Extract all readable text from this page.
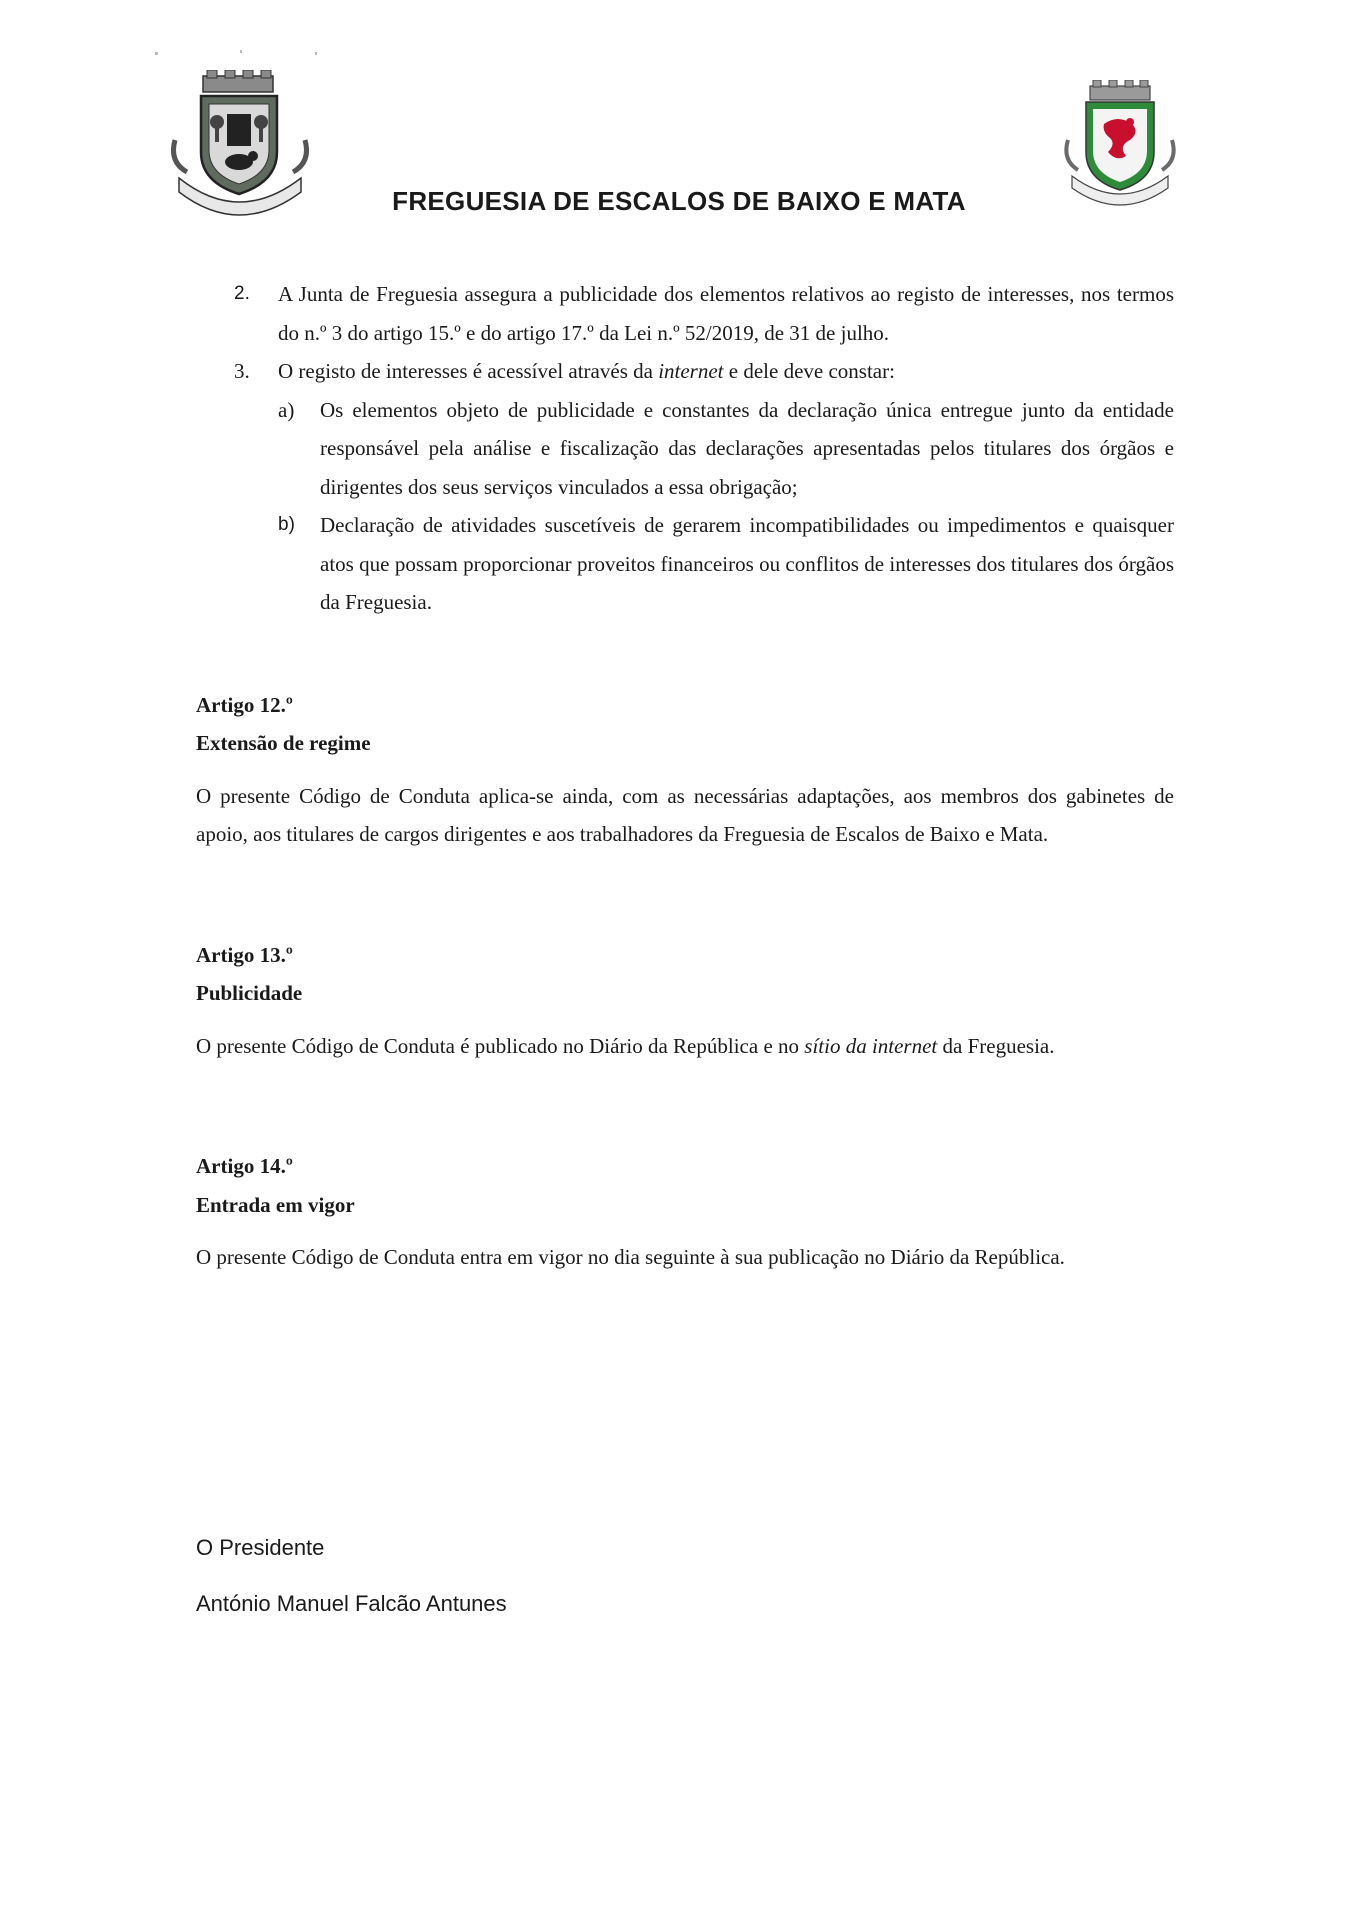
FREGUESIA DE ESCALOS DE BAIXO E MATA
2. A Junta de Freguesia assegura a publicidade dos elementos relativos ao registo de interesses, nos termos do n.º 3 do artigo 15.º e do artigo 17.º da Lei n.º 52/2019, de 31 de julho.
3. O registo de interesses é acessível através da internet e dele deve constar:
a) Os elementos objeto de publicidade e constantes da declaração única entregue junto da entidade responsável pela análise e fiscalização das declarações apresentadas pelos titulares dos órgãos e dirigentes dos seus serviços vinculados a essa obrigação;
b) Declaração de atividades suscetíveis de gerarem incompatibilidades ou impedimentos e quaisquer atos que possam proporcionar proveitos financeiros ou conflitos de interesses dos titulares dos órgãos da Freguesia.

Artigo 12.º

Extensão de regime

O presente Código de Conduta aplica-se ainda, com as necessárias adaptações, aos membros dos gabinetes de apoio, aos titulares de cargos dirigentes e aos trabalhadores da Freguesia de Escalos de Baixo e Mata.

Artigo 13.º

Publicidade

O presente Código de Conduta é publicado no Diário da República e no sítio da internet da Freguesia.

Artigo 14.º

Entrada em vigor

O presente Código de Conduta entra em vigor no dia seguinte à sua publicação no Diário da República.

O Presidente
António Manuel Falcão Antunes
